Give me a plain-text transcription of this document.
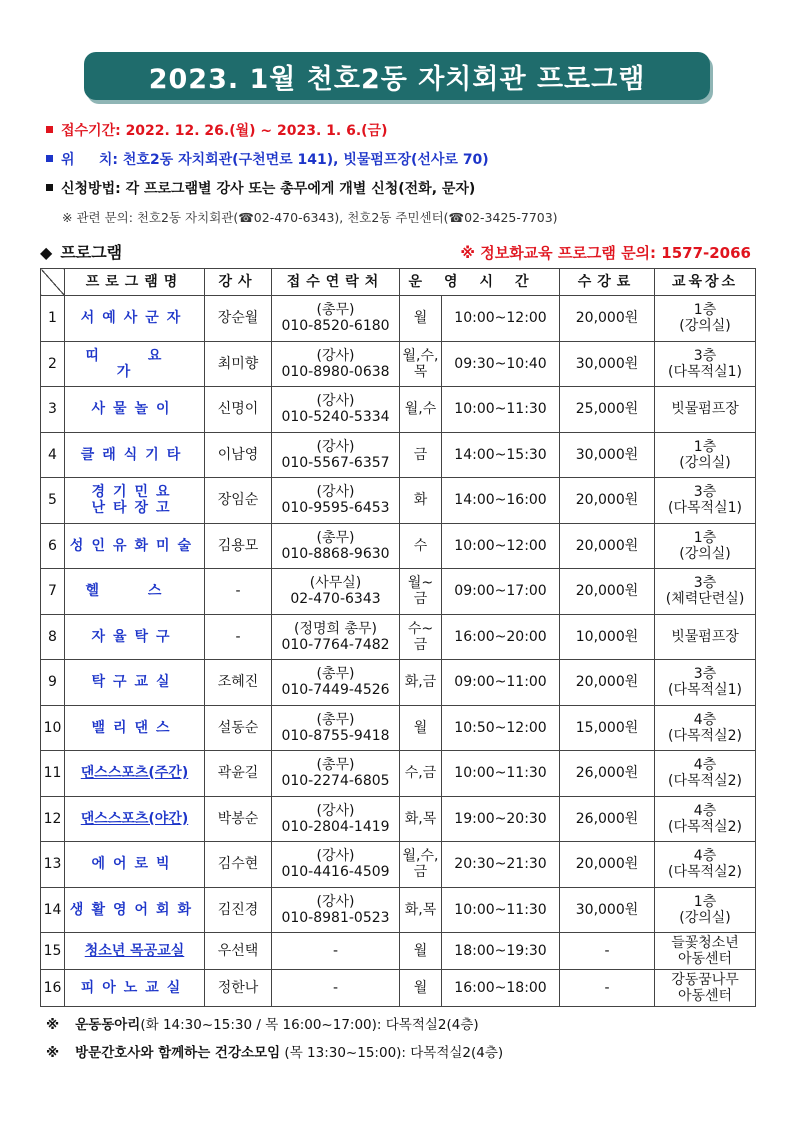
2023. 1월 천호2동 자치회관 프로그램
접수기간: 2022. 12. 26.(월) ~ 2023. 1. 6.(금)
위     치: 천호2동 자치회관(구천면로 141), 빗물펌프장(선사로 70)
신청방법: 각 프로그램별 강사 또는 총무에게 개별 신청(전화, 문자)
※ 관련 문의: 천호2동 자치회관(☎02-470-6343), 천호2동 주민센터(☎02-3425-7703)
◆ 프로그램	※ 정보화교육 프로그램 문의: 1577-2066
	프로그램명	강사	접수연락처	운영시간		수강료	교육장소
1	서예사군자	장순월	(총무)
010-8520-6180	월	10:00~12:00	20,000원	1층
(강의실)
2	띠 요 가	최미향	(강사)
010-8980-0638	월,수,목	09:30~10:40	30,000원	3층
(다목적실1)
3	사물놀이	신명이	(강사)
010-5240-5334	월,수	10:00~11:30	25,000원	빗물펌프장
4	클래식기타	이남영	(강사)
010-5567-6357	금	14:00~15:30	30,000원	1층
(강의실)
5	경기민요
난타장고	장임순	(강사)
010-9595-6453	화	14:00~16:00	20,000원	3층
(다목적실1)
6	성인유화미술	김용모	(총무)
010-8868-9630	수	10:00~12:00	20,000원	1층
(강의실)
7	헬 스	-	(사무실)
02-470-6343	월~금	09:00~17:00	20,000원	3층
(체력단련실)
8	자율탁구	-	(정명희 총무)
010-7764-7482	수~금	16:00~20:00	10,000원	빗물펌프장
9	탁구교실	조혜진	(총무)
010-7449-4526	화,금	09:00~11:00	20,000원	3층
(다목적실1)
10	밸리댄스	설동순	(총무)
010-8755-9418	월	10:50~12:00	15,000원	4층
(다목적실2)
11	댄스스포츠(주간)	곽윤길	(총무)
010-2274-6805	수,금	10:00~11:30	26,000원	4층
(다목적실2)
12	댄스스포츠(야간)	박봉순	(강사)
010-2804-1419	화,목	19:00~20:30	26,000원	4층
(다목적실2)
13	에어로빅	김수현	(강사)
010-4416-4509	월,수,
금	20:30~21:30	20,000원	4층
(다목적실2)
14	생활영어회화	김진경	(강사)
010-8981-0523	화,목	10:00~11:30	30,000원	1층
(강의실)
15	청소년 목공교실	우선택	-	월	18:00~19:30	-	들꽃청소년
아동센터
16	피아노교실	정한나	-	월	16:00~18:00	-	강동꿈나무
아동센터
※ 운동동아리(화 14:30~15:30 / 목 16:00~17:00): 다목적실2(4층)
※ 방문간호사와 함께하는 건강소모임 (목 13:30~15:00): 다목적실2(4층)
